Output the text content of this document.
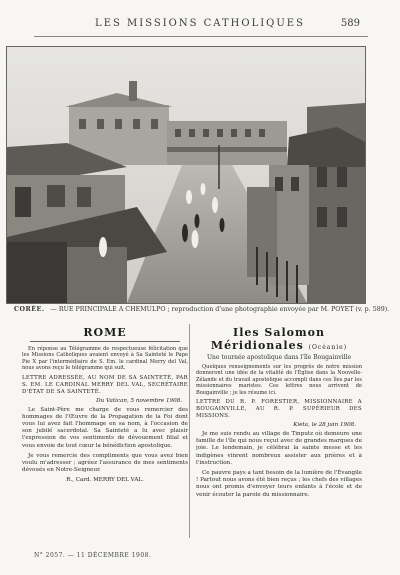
LES MISSIONS CATHOLIQUES	589
CORÉE. — RUE PRINCIPALE A CHEMULPO ; reproduction d'une photographie envoyée par M. POYET (v. p. 589).
ROME

En réponse au Télégramme de respectueuse félicitation que les Missions Catholiques avaient envoyé à Sa Sainteté le Pape Pie X par l'intermédiaire de S. Em. le cardinal Merry del Val, nous avons reçu le télégramme qui suit.

LETTRE ADRESSÉE, AU NOM DE SA SAINTETÉ, PAR S. EM. LE CARDINAL MERRY DEL VAL, SECRÉTAIRE D'ÉTAT DE SA SAINTETÉ.

Du Vatican, 5 novembre 1908.

Le Saint-Père me charge de vous remercier des hommages de l'Œuvre de la Propagation de la Foi dont vous lui avez fait l'hommage en sa nom, à l'occasion de son jubilé sacerdotal. Sa Sainteté a lu avec plaisir l'expression de vos sentiments de dévouement filial et vous envoie de tout cœur la bénédiction apostolique.

Je vous remercie des compliments que vous avez bien voulu m'adresser ; agréez l'assurance de mes sentiments dévoués en Notre-Seigneur.

R., Card. MERRY DEL VAL.
Iles Salomon Méridionales (Océanie)
Une tournée apostolique dans l'île Bougainville

Quelques renseignements sur les progrès de notre mission donneront une idée de la vitalité de l'Église dans la Nouvelle-Zélande et du travail apostolique accompli dans ces îles par les missionnaires maristes. Ces lettres nous arrivent de Bougainville ; je les résume ici.

LETTRE DU R. P. FORESTIER, MISSIONNAIRE A BOUGAINVILLE, AU R. P. SUPÉRIEUR DES MISSIONS.

Kieta, le 28 juin 1908.

Je me suis rendu au village de Tinputz où demeure une famille de l'île qui nous reçut avec de grandes marques de joie. Le lendemain, je célébrai la sainte messe et les indigènes vinrent nombreux assister aux prières et à l'instruction.

Ce pauvre pays a tant besoin de la lumière de l'Évangile ! Partout nous avons été bien reçus ; les chefs des villages nous ont promis d'envoyer leurs enfants à l'école et de venir écouter la parole du missionnaire.

N° 2057. — 11 DÉCEMBRE 1908.
